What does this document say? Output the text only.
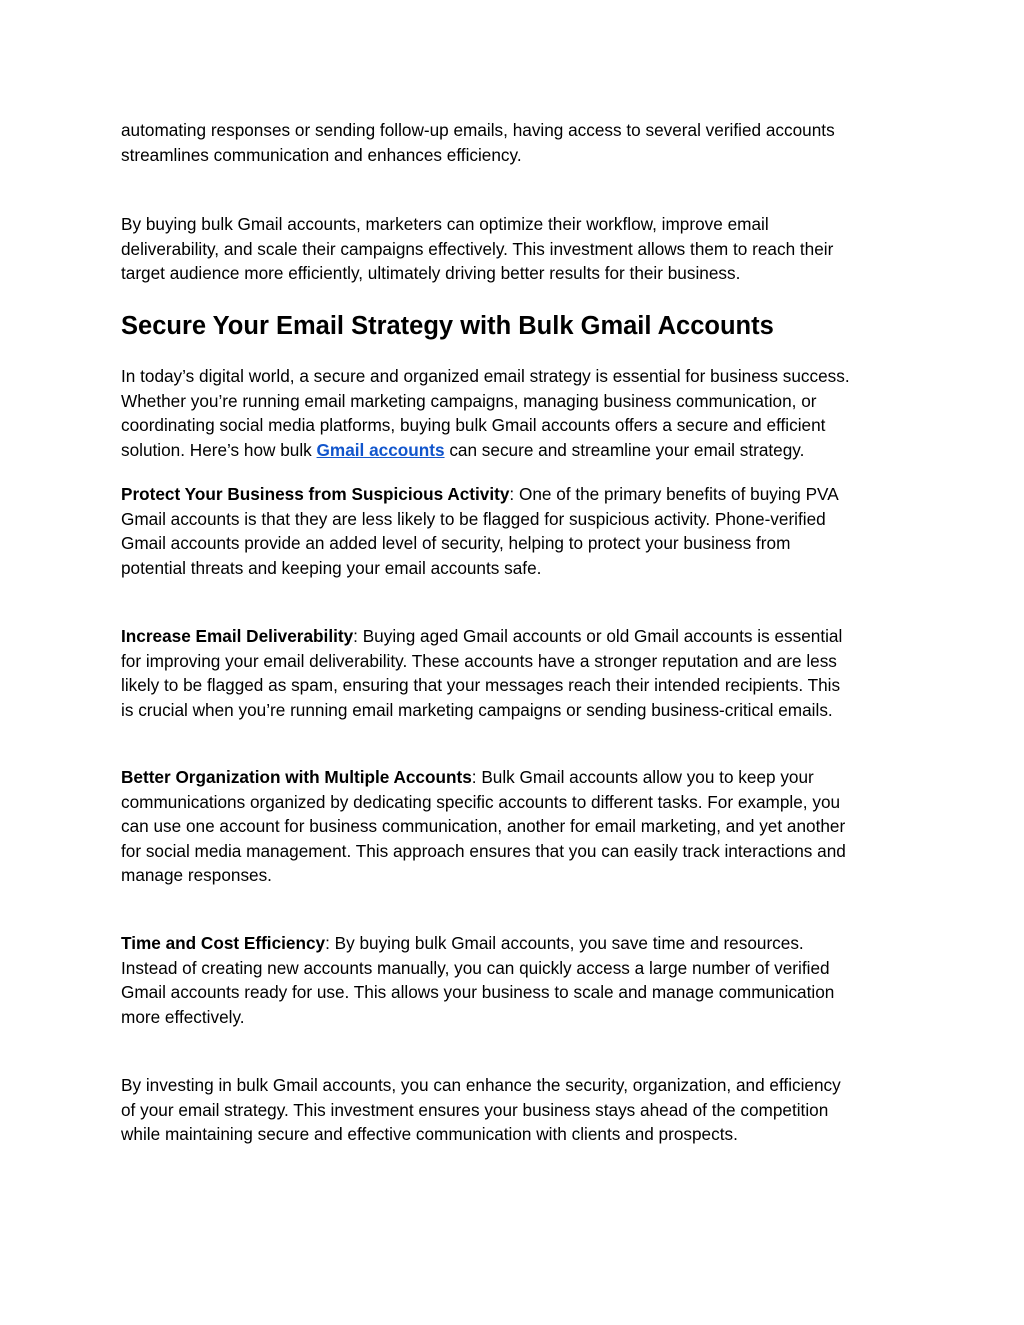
automating responses or sending follow-up emails, having access to several verified accounts
streamlines communication and enhances efficiency.
By buying bulk Gmail accounts, marketers can optimize their workflow, improve email
deliverability, and scale their campaigns effectively. This investment allows them to reach their
target audience more efficiently, ultimately driving better results for their business.
Secure Your Email Strategy with Bulk Gmail Accounts
In today’s digital world, a secure and organized email strategy is essential for business success.
Whether you’re running email marketing campaigns, managing business communication, or
coordinating social media platforms, buying bulk Gmail accounts offers a secure and efficient
solution. Here’s how bulk Gmail accounts can secure and streamline your email strategy.
Protect Your Business from Suspicious Activity: One of the primary benefits of buying PVA
Gmail accounts is that they are less likely to be flagged for suspicious activity. Phone-verified
Gmail accounts provide an added level of security, helping to protect your business from
potential threats and keeping your email accounts safe.
Increase Email Deliverability: Buying aged Gmail accounts or old Gmail accounts is essential
for improving your email deliverability. These accounts have a stronger reputation and are less
likely to be flagged as spam, ensuring that your messages reach their intended recipients. This
is crucial when you’re running email marketing campaigns or sending business-critical emails.
Better Organization with Multiple Accounts: Bulk Gmail accounts allow you to keep your
communications organized by dedicating specific accounts to different tasks. For example, you
can use one account for business communication, another for email marketing, and yet another
for social media management. This approach ensures that you can easily track interactions and
manage responses.
Time and Cost Efficiency: By buying bulk Gmail accounts, you save time and resources.
Instead of creating new accounts manually, you can quickly access a large number of verified
Gmail accounts ready for use. This allows your business to scale and manage communication
more effectively.
By investing in bulk Gmail accounts, you can enhance the security, organization, and efficiency
of your email strategy. This investment ensures your business stays ahead of the competition
while maintaining secure and effective communication with clients and prospects.
